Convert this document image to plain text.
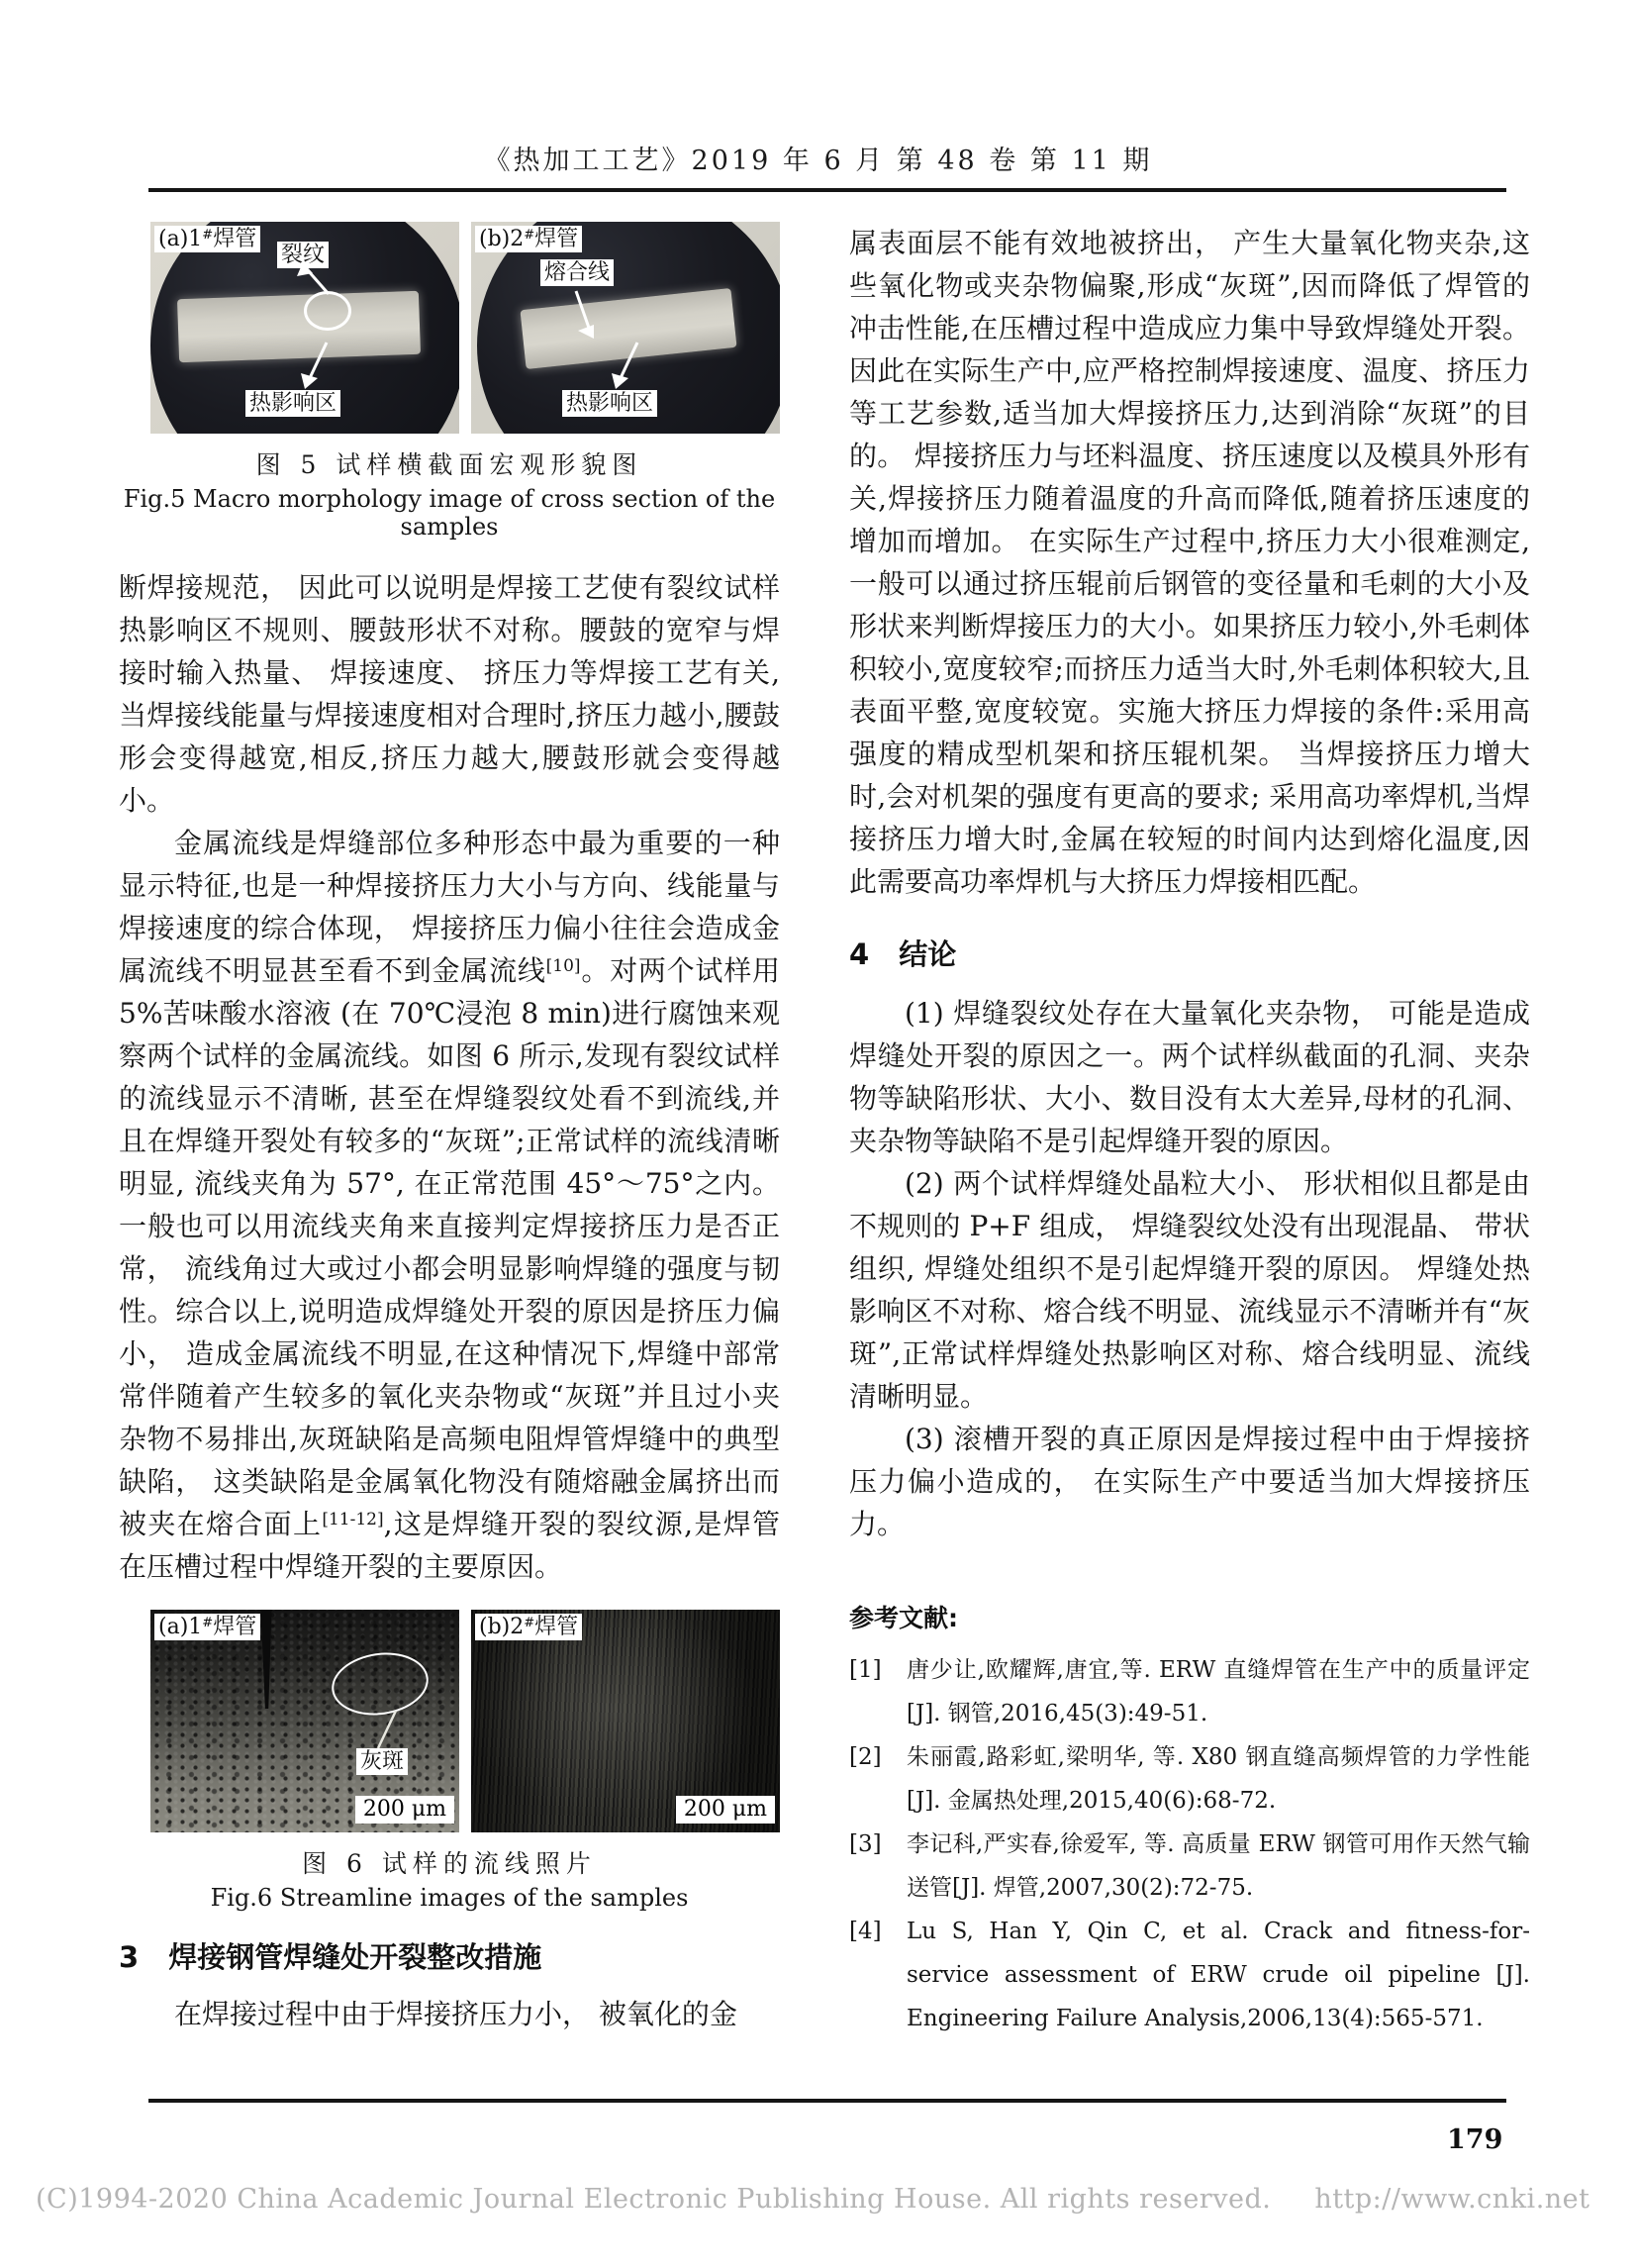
《热加工工艺》2019 年 6 月 第 48 卷 第 11 期
(a)1#焊管
裂纹
热影响区
(b)2#焊管
熔合线
热影响区
图 5 试样横截面宏观形貌图
Fig.5 Macro morphology image of cross section of the samples
断焊接规范， 因此可以说明是焊接工艺使有裂纹试样热影响区不规则、腰鼓形状不对称。腰鼓的宽窄与焊接时输入热量、 焊接速度、 挤压力等焊接工艺有关,当焊接线能量与焊接速度相对合理时,挤压力越小,腰鼓形会变得越宽,相反,挤压力越大,腰鼓形就会变得越小。
金属流线是焊缝部位多种形态中最为重要的一种显示特征,也是一种焊接挤压力大小与方向、线能量与焊接速度的综合体现， 焊接挤压力偏小往往会造成金属流线不明显甚至看不到金属流线[10]。对两个试样用 5%苦味酸水溶液 (在 70℃浸泡 8 min)进行腐蚀来观察两个试样的金属流线。如图 6 所示,发现有裂纹试样的流线显示不清晰, 甚至在焊缝裂纹处看不到流线,并且在焊缝开裂处有较多的“灰斑”;正常试样的流线清晰明显, 流线夹角为 57°, 在正常范围 45°～75°之内。 一般也可以用流线夹角来直接判定焊接挤压力是否正常， 流线角过大或过小都会明显影响焊缝的强度与韧性。综合以上,说明造成焊缝处开裂的原因是挤压力偏小， 造成金属流线不明显,在这种情况下,焊缝中部常常伴随着产生较多的氧化夹杂物或“灰斑”并且过小夹杂物不易排出,灰斑缺陷是高频电阻焊管焊缝中的典型缺陷， 这类缺陷是金属氧化物没有随熔融金属挤出而被夹在熔合面上[11-12],这是焊缝开裂的裂纹源,是焊管在压槽过程中焊缝开裂的主要原因。
(a)1#焊管
灰斑
200 μm
(b)2#焊管
200 μm
图 6 试样的流线照片
Fig.6 Streamline images of the samples
3 焊接钢管焊缝处开裂整改措施
在焊接过程中由于焊接挤压力小， 被氧化的金
属表面层不能有效地被挤出， 产生大量氧化物夹杂,这些氧化物或夹杂物偏聚,形成“灰斑”,因而降低了焊管的冲击性能,在压槽过程中造成应力集中导致焊缝处开裂。因此在实际生产中,应严格控制焊接速度、温度、挤压力等工艺参数,适当加大焊接挤压力,达到消除“灰斑”的目的。 焊接挤压力与坯料温度、挤压速度以及模具外形有关,焊接挤压力随着温度的升高而降低,随着挤压速度的增加而增加。 在实际生产过程中,挤压力大小很难测定,一般可以通过挤压辊前后钢管的变径量和毛刺的大小及形状来判断焊接压力的大小。如果挤压力较小,外毛刺体积较小,宽度较窄;而挤压力适当大时,外毛刺体积较大,且表面平整,宽度较宽。实施大挤压力焊接的条件:采用高强度的精成型机架和挤压辊机架。 当焊接挤压力增大时,会对机架的强度有更高的要求; 采用高功率焊机,当焊接挤压力增大时,金属在较短的时间内达到熔化温度,因此需要高功率焊机与大挤压力焊接相匹配。
4 结论
(1) 焊缝裂纹处存在大量氧化夹杂物， 可能是造成焊缝处开裂的原因之一。两个试样纵截面的孔洞、夹杂物等缺陷形状、大小、数目没有太大差异,母材的孔洞、夹杂物等缺陷不是引起焊缝开裂的原因。
(2) 两个试样焊缝处晶粒大小、 形状相似且都是由不规则的 P+F 组成， 焊缝裂纹处没有出现混晶、 带状组织, 焊缝处组织不是引起焊缝开裂的原因。 焊缝处热影响区不对称、熔合线不明显、流线显示不清晰并有“灰斑”,正常试样焊缝处热影响区对称、熔合线明显、流线清晰明显。
(3) 滚槽开裂的真正原因是焊接过程中由于焊接挤压力偏小造成的， 在实际生产中要适当加大焊接挤压力。
参考文献:
[1]	唐少让,欧耀辉,唐宜,等. ERW 直缝焊管在生产中的质量评定[J]. 钢管,2016,45(3):49-51.
[2]	朱丽霞,路彩虹,梁明华, 等. X80 钢直缝高频焊管的力学性能[J]. 金属热处理,2015,40(6):68-72.
[3]	李记科,严实春,徐爱军, 等. 高质量 ERW 钢管可用作天然气输送管[J]. 焊管,2007,30(2):72-75.
[4]	Lu S, Han Y, Qin C, et al. Crack and fitness-for-service assessment of ERW crude oil pipeline [J]. Engineering Failure Analysis,2006,13(4):565-571.
179
(C)1994-2020 China Academic Journal Electronic Publishing House. All rights reserved. http://www.cnki.net
